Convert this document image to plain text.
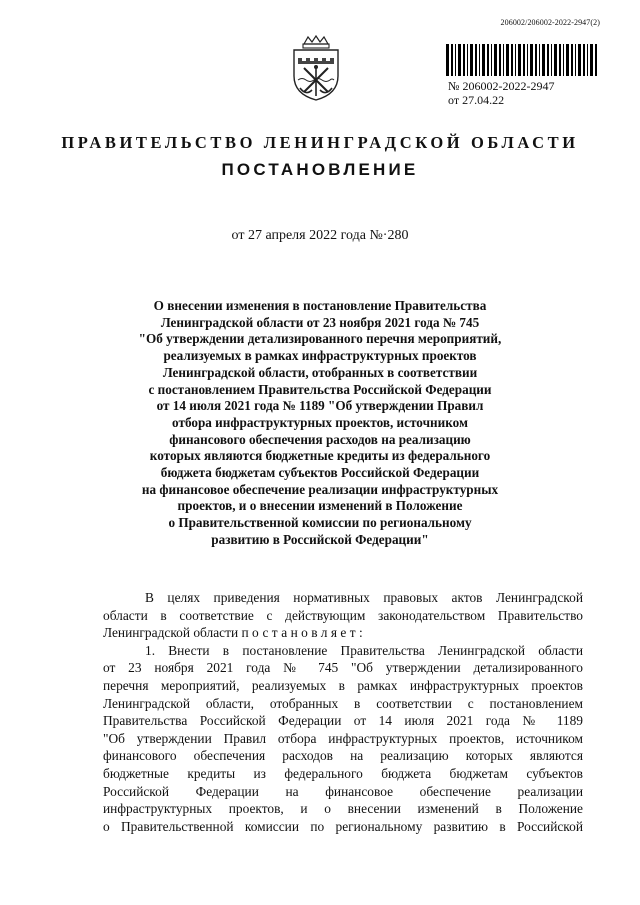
206002/206002-2022-2947(2)
№ 206002-2022-2947
от 27.04.22
ПРАВИТЕЛЬСТВО ЛЕНИНГРАДСКОЙ ОБЛАСТИ
ПОСТАНОВЛЕНИЕ
от 27 апреля 2022 года №·280
О внесении изменения в постановление Правительства
Ленинградской области от 23 ноября 2021 года № 745
"Об утверждении детализированного перечня мероприятий,
реализуемых в рамках инфраструктурных проектов
Ленинградской области, отобранных в соответствии
с постановлением Правительства Российской Федерации
от 14 июля 2021 года № 1189 "Об утверждении Правил
отбора инфраструктурных проектов, источником
финансового обеспечения расходов на реализацию
которых являются бюджетные кредиты из федерального
бюджета бюджетам субъектов Российской Федерации
на финансовое обеспечение реализации инфраструктурных
проектов, и о внесении изменений в Положение
о Правительственной комиссии по региональному
развитию в Российской Федерации"
В целях приведения нормативных правовых актов Ленинградской
области в соответствие с действующим законодательством Правительство
Ленинградской области постановляет:
1. Внести в постановление Правительства Ленинградской области
от 23 ноября 2021 года № 745 "Об утверждении детализированного
перечня мероприятий, реализуемых в рамках инфраструктурных проектов
Ленинградской области, отобранных в соответствии с постановлением
Правительства Российской Федерации от 14 июля 2021 года № 1189
"Об утверждении Правил отбора инфраструктурных проектов, источником
финансового обеспечения расходов на реализацию которых являются
бюджетные кредиты из федерального бюджета бюджетам субъектов
Российской Федерации на финансовое обеспечение реализации
инфраструктурных проектов, и о внесении изменений в Положение
о Правительственной комиссии по региональному развитию в Российской
